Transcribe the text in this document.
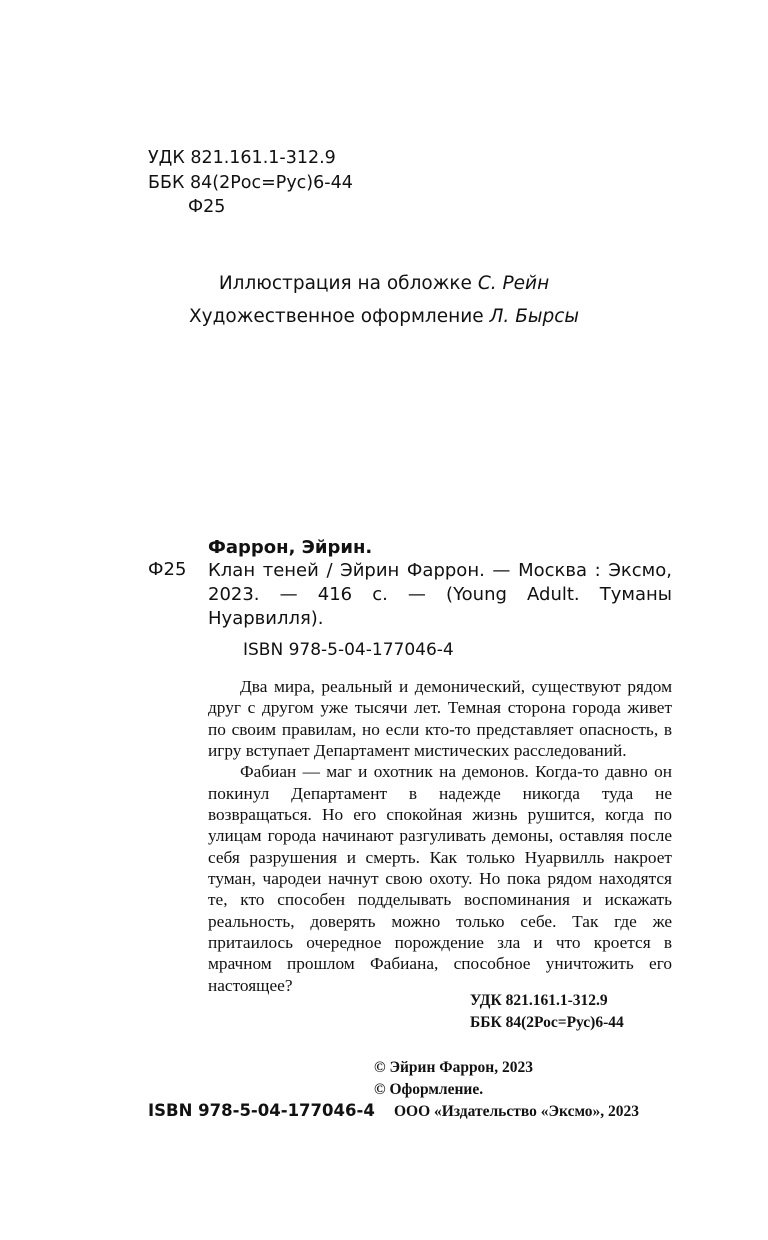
УДК 821.161.1-312.9
ББК 84(2Рос=Рус)6-44
Ф25
Иллюстрация на обложке С. Рейн
Художественное оформление Л. Бырсы
Фаррон, Эйрин.
Ф25 Клан теней / Эйрин Фаррон. — Москва : Эксмо, 2023. — 416 с. — (Young Adult. Туманы Нуарвилля).
ISBN 978-5-04-177046-4

Два мира, реальный и демонический, существуют рядом друг с другом уже тысячи лет. Темная сторона города живет по своим правилам, но если кто-то представляет опасность, в игру вступает Департамент мистических расследований.

Фабиан — маг и охотник на демонов. Когда-то давно он покинул Департамент в надежде никогда туда не возвращаться. Но его спокойная жизнь рушится, когда по улицам города начинают разгуливать демоны, оставляя после себя разрушения и смерть. Как только Нуарвилль накроет туман, чародеи начнут свою охоту. Но пока рядом находятся те, кто способен подделывать воспоминания и искажать реальность, доверять можно только себе. Так где же притаилось очередное порождение зла и что кроется в мрачном прошлом Фабиана, способное уничтожить его настоящее?

УДК 821.161.1-312.9
ББК 84(2Рос=Рус)6-44
© Эйрин Фаррон, 2023
© Оформление.
ООО «Издательство «Эксмо», 2023
ISBN 978-5-04-177046-4
